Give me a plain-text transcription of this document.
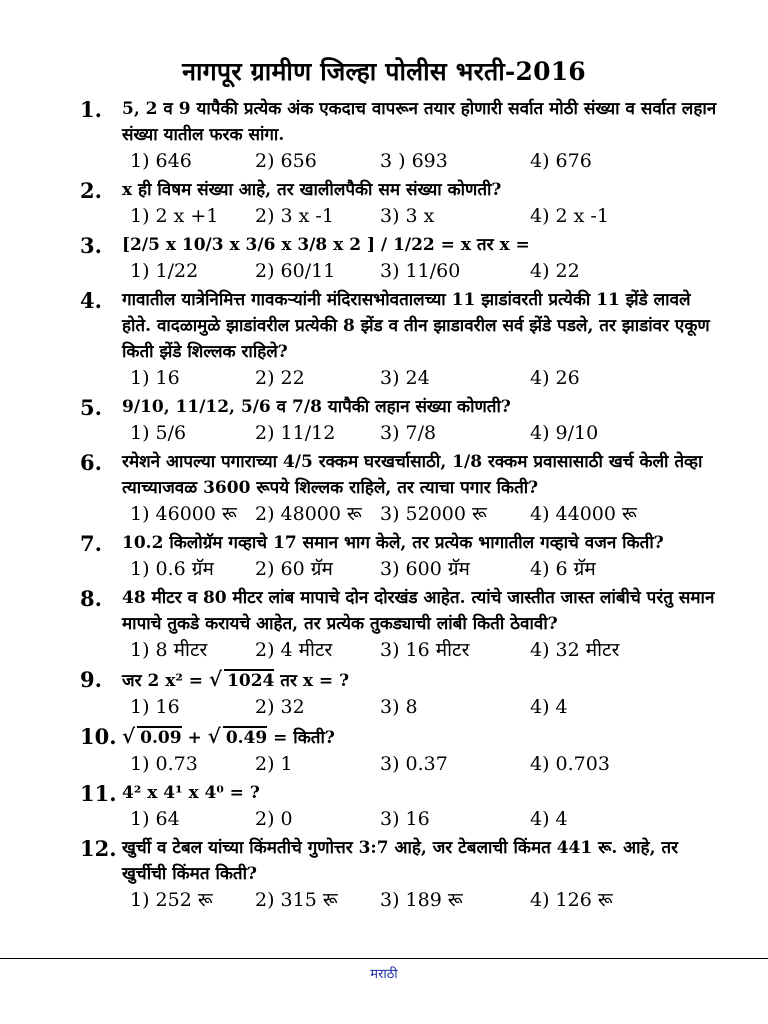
नागपूर ग्रामीण जिल्हा पोलीस भरती-2016
1. 5, 2 व 9 यापैकी प्रत्येक अंक एकदाच वापरून तयार होणारी सर्वात मोठी संख्या व सर्वात लहान संख्या यातील फरक सांगा.
1) 646	2) 656	3 ) 693	4) 676
2. x ही विषम संख्या आहे, तर खालीलपैकी सम संख्या कोणती?
1) 2 x +1	2) 3 x -1	3) 3 x	4) 2 x -1
3. [2/5 x 10/3 x 3/6 x 3/8 x 2 ] / 1/22 = x तर x =
1) 1/22	2) 60/11	3) 11/60	4) 22
4. गावातील यात्रेनिमित्त गावकऱ्यांनी मंदिरासभोवतालच्या 11 झाडांवरती प्रत्येकी 11 झेंडे लावले होते. वादळामुळे झाडांवरील प्रत्येकी 8 झेंड व तीन झाडावरील सर्व झेंडे पडले, तर झाडांवर एकूण किती झेंडे शिल्लक राहिले?
1) 16	2) 22	3) 24	4) 26
5. 9/10, 11/12, 5/6 व 7/8 यापैकी लहान संख्या कोणती?
1) 5/6	2) 11/12	3) 7/8	4) 9/10
6. रमेशने आपल्या पगाराच्या 4/5 रक्कम घरखर्चासाठी, 1/8 रक्कम प्रवासासाठी खर्च केली तेव्हा त्याच्याजवळ 3600 रूपये शिल्लक राहिले, तर त्याचा पगार किती?
1) 46000 रू 2) 48000 रू 3) 52000 रू	4) 44000 रू
7. 10.2 किलोग्रॅम गव्हाचे 17 समान भाग केले, तर प्रत्येक भागातील गव्हाचे वजन किती?
1) 0.6 ग्रॅम	2) 60 ग्रॅम	3) 600 ग्रॅम	4) 6 ग्रॅम
8. 48 मीटर व 80 मीटर लांब मापाचे दोन दोरखंड आहेत. त्यांचे जास्तीत जास्त लांबीचे परंतु समान मापाचे तुकडे करायचे आहेत, तर प्रत्येक तुकड्याची लांबी किती ठेवावी?
1) 8 मीटर	2) 4 मीटर	3) 16 मीटर	4) 32 मीटर
9. जर 2 x² = √ 1024 तर x = ?
1) 16	2) 32	3) 8	4) 4
10. √ 0.09 + √ 0.49 = किती?
1) 0.73	2) 1	3) 0.37	4) 0.703
11. 4² x 4¹ x 4⁰ = ?
1) 64	2) 0	3) 16	4) 4
12. खुर्ची व टेबल यांच्या किंमतीचे गुणोत्तर 3:7 आहे, जर टेबलाची किंमत 441 रू. आहे, तर खुर्चीची किंमत किती?
1) 252 रू	2) 315 रू	3) 189 रू	4) 126 रू
मराठी
